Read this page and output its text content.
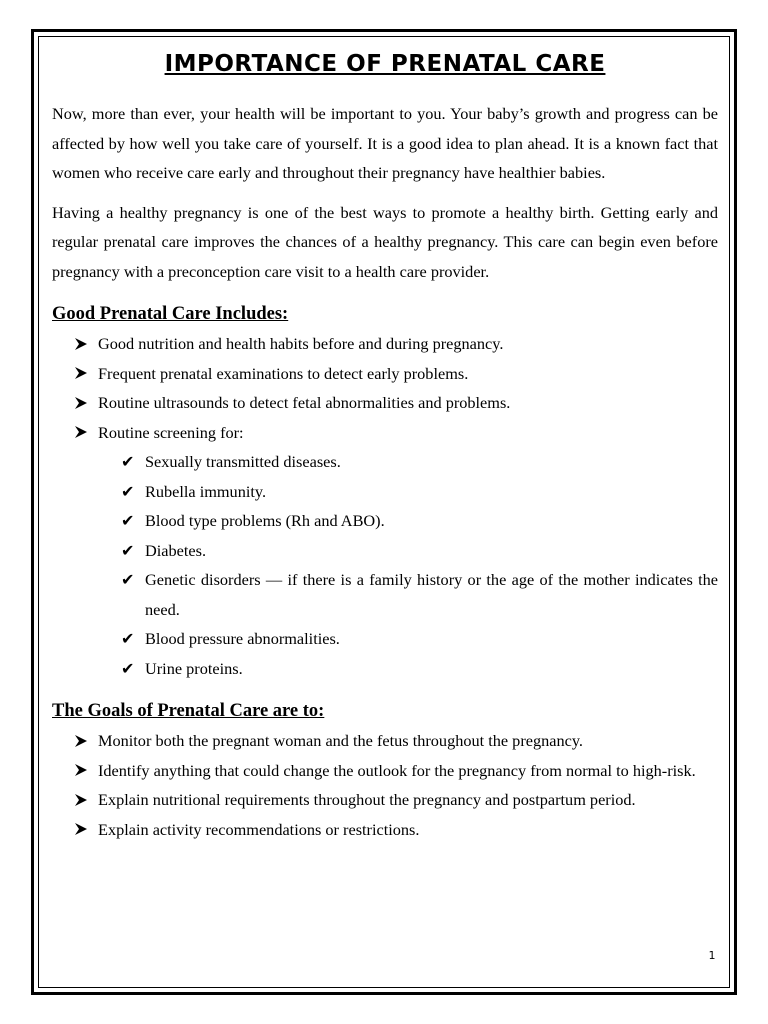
IMPORTANCE OF PRENATAL CARE

Now, more than ever, your health will be important to you. Your baby’s growth and progress can be affected by how well you take care of yourself. It is a good idea to plan ahead. It is a known fact that women who receive care early and throughout their pregnancy have healthier babies.

Having a healthy pregnancy is one of the best ways to promote a healthy birth. Getting early and regular prenatal care improves the chances of a healthy pregnancy. This care can begin even before pregnancy with a preconception care visit to a health care provider.

Good Prenatal Care Includes:
Good nutrition and health habits before and during pregnancy.
Frequent prenatal examinations to detect early problems.
Routine ultrasounds to detect fetal abnormalities and problems.
Routine screening for:
✔ Sexually transmitted diseases.
✔ Rubella immunity.
✔ Blood type problems (Rh and ABO).
✔ Diabetes.
✔ Genetic disorders — if there is a family history or the age of the mother indicates the need.
✔ Blood pressure abnormalities.
✔ Urine proteins.
The Goals of Prenatal Care are to:
Monitor both the pregnant woman and the fetus throughout the pregnancy.
Identify anything that could change the outlook for the pregnancy from normal to high-risk.
Explain nutritional requirements throughout the pregnancy and postpartum period.
Explain activity recommendations or restrictions.
1
